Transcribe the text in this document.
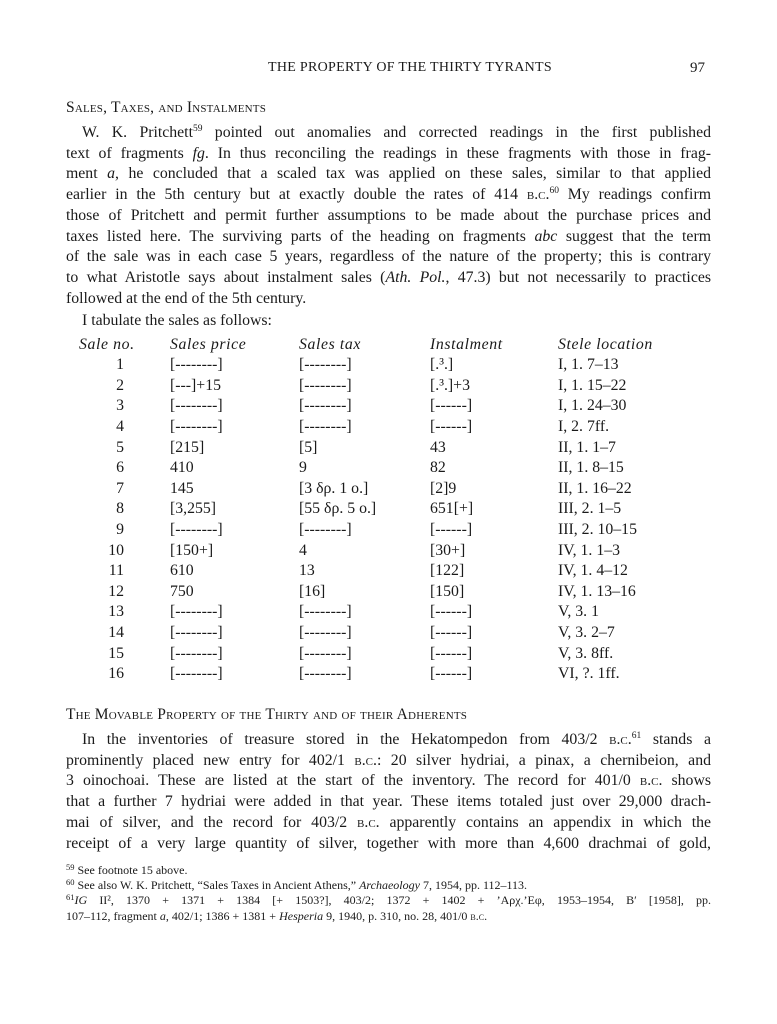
THE PROPERTY OF THE THIRTY TYRANTS	97
Sales, Taxes, and Instalments

W. K. Pritchett$^{59}$ pointed out anomalies and corrected readings in the first published
text of fragments fg. In thus reconciling the readings in these fragments with those in frag-
ment a, he concluded that a scaled tax was applied on these sales, similar to that applied
earlier in the 5th century but at exactly double the rates of 414 b.c.$^{60}$ My readings confirm
those of Pritchett and permit further assumptions to be made about the purchase prices and
taxes listed here. The surviving parts of the heading on fragments abc suggest that the term
of the sale was in each case 5 years, regardless of the nature of the property; this is contrary
to what Aristotle says about instalment sales (Ath. Pol., 47.3) but not necessarily to practices
followed at the end of the 5th century.

I tabulate the sales as follows:

Sale no.	Sales price	Sales tax	Instalment	Stele location
1	[--------]	[--------]	[.³.]	I, 1. 7–13
2	[---]+15	[--------]	[.³.]+3	I, 1. 15–22
3	[--------]	[--------]	[------]	I, 1. 24–30
4	[--------]	[--------]	[------]	I, 2. 7ff.
5	[215]	[5]	43	II, 1. 1–7
6	410	9	82	II, 1. 8–15
7	145	[3 δρ. 1 ο.]	[2]9	II, 1. 16–22
8	[3,255]	[55 δρ. 5 ο.]	651[+]	III, 2. 1–5
9	[--------]	[--------]	[------]	III, 2. 10–15
10	[150+]	4	[30+]	IV, 1. 1–3
11	610	13	[122]	IV, 1. 4–12
12	750	[16]	[150]	IV, 1. 13–16
13	[--------]	[--------]	[------]	V, 3. 1
14	[--------]	[--------]	[------]	V, 3. 2–7
15	[--------]	[--------]	[------]	V, 3. 8ff.
16	[--------]	[--------]	[------]	VI, ?. 1ff.
The Movable Property of the Thirty and of their Adherents

In the inventories of treasure stored in the Hekatompedon from 403/2 b.c.$^{61}$ stands a
prominently placed new entry for 402/1 b.c.: 20 silver hydriai, a pinax, a chernibeion, and
3 oinochoai. These are listed at the start of the inventory. The record for 401/0 b.c. shows
that a further 7 hydriai were added in that year. These items totaled just over 29,000 drach-
mai of silver, and the record for 403/2 b.c. apparently contains an appendix in which the
receipt of a very large quantity of silver, together with more than 4,600 drachmai of gold,

$^{59}$ See footnote 15 above.
$^{60}$ See also W. K. Pritchett, “Sales Taxes in Ancient Athens,” Archaeology 7, 1954, pp. 112–113.
$^{61}$IG II², 1370 + 1371 + 1384 [+ 1503?], 403/2; 1372 + 1402 + ’Aρχ.’Eφ, 1953–1954, B′ [1958], pp.
107–112, fragment a, 402/1; 1386 + 1381 + Hesperia 9, 1940, p. 310, no. 28, 401/0 b.c.
